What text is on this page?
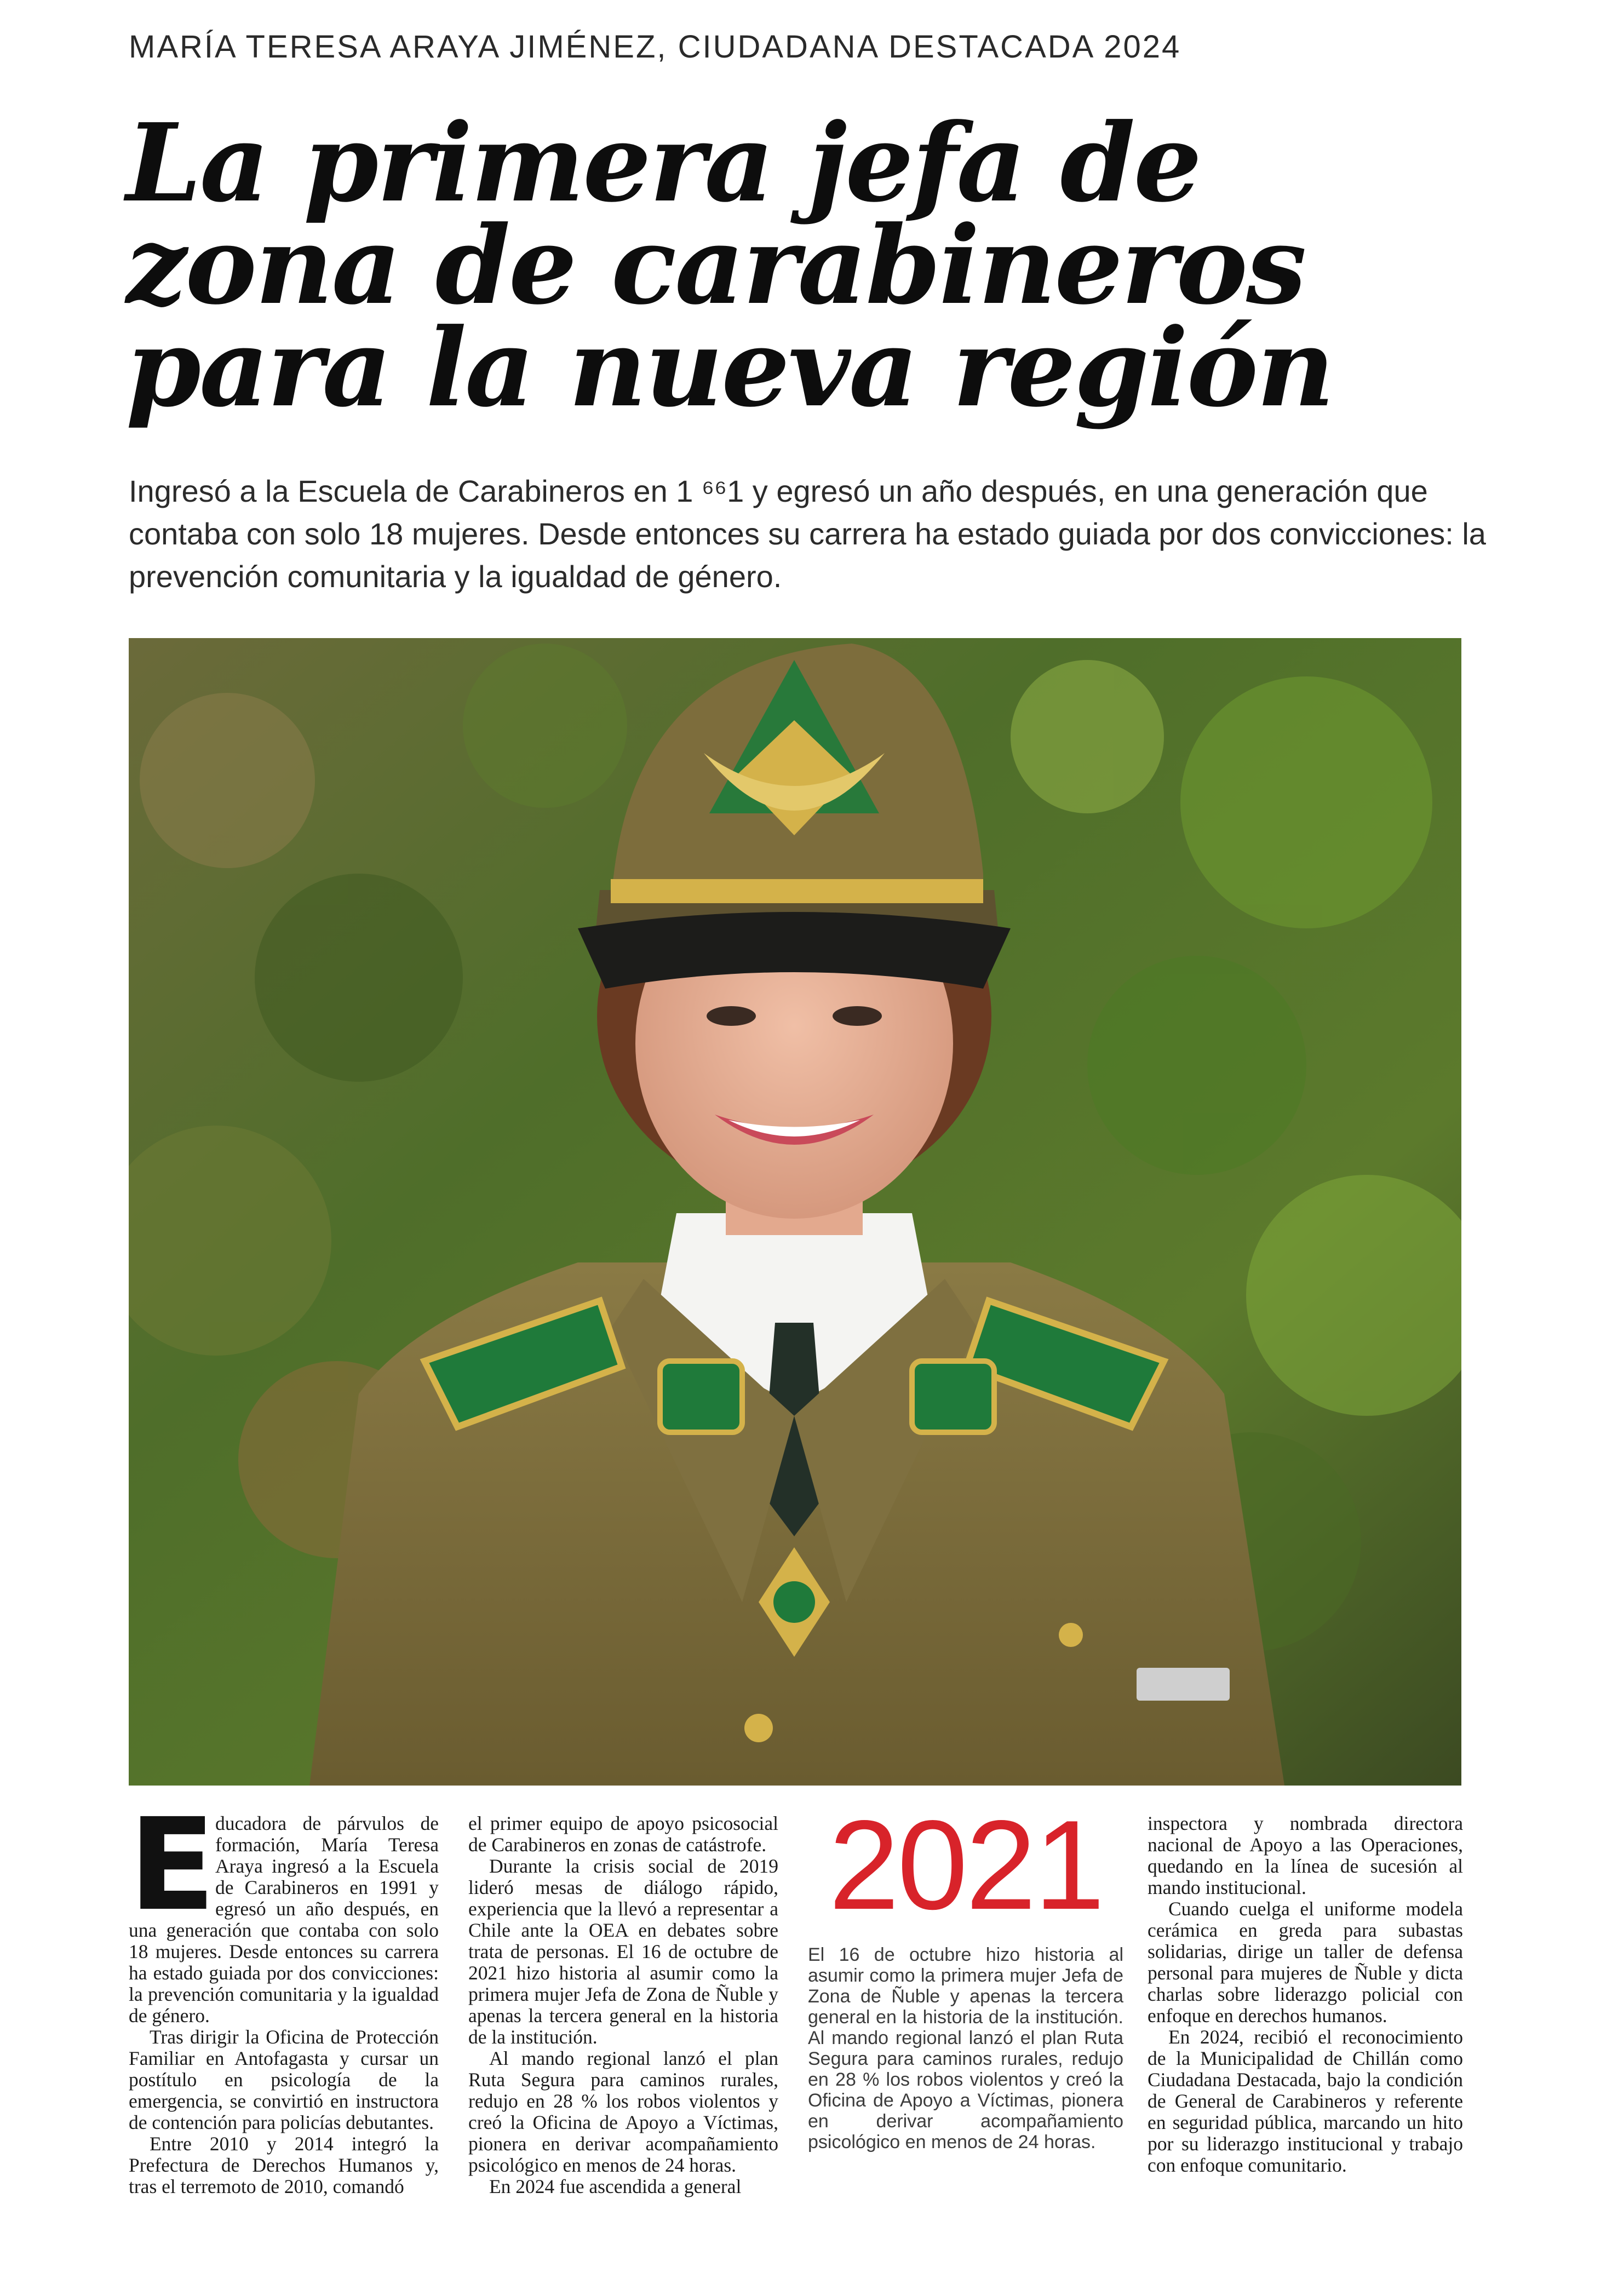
MARÍA TERESA ARAYA JIMÉNEZ, CIUDADANA DESTACADA 2024
La primera jefa de
zona de carabineros
para la nueva región

Ingresó a la Escuela de Carabineros en 1 ⁶⁶1 y egresó un año después, en una generación que

contaba con solo 18 mujeres. Desde entonces su carrera ha estado guiada por dos convicciones: la

prevención comunitaria y la igualdad de género.

Educadora de párvulos de formación, María Teresa Araya ingresó a la Escuela de Carabineros en 1991 y egresó un año después, en una generación que contaba con solo 18 mujeres. Desde entonces su carrera ha estado guiada por dos convicciones: la prevención comunitaria y la igualdad de género.

Tras dirigir la Oficina de Protección Familiar en Antofagasta y cursar un postítulo en psicología de la emergencia, se convirtió en instructora de contención para policías debutantes.

Entre 2010 y 2014 integró la Prefectura de Derechos Humanos y, tras el terremoto de 2010, comandó

el primer equipo de apoyo psicosocial de Carabineros en zonas de catástrofe.

Durante la crisis social de 2019 lideró mesas de diálogo rápido, experiencia que la llevó a representar a Chile ante la OEA en debates sobre trata de personas. El 16 de octubre de 2021 hizo historia al asumir como la primera mujer Jefa de Zona de Ñuble y apenas la tercera general en la historia de la institución.

Al mando regional lanzó el plan Ruta Segura para caminos rurales, redujo en 28 % los robos violentos y creó la Oficina de Apoyo a Víctimas, pionera en derivar acompañamiento psicológico en menos de 24 horas.

En 2024 fue ascendida a general

2021

El 16 de octubre hizo historia al asumir como la primera mujer Jefa de Zona de Ñuble y apenas la tercera general en la historia de la institución. Al mando regional lanzó el plan Ruta Segura para caminos rurales, redujo en 28 % los robos violentos y creó la Oficina de Apoyo a Víctimas, pionera en derivar acompañamiento psicológico en menos de 24 horas.

inspectora y nombrada directora nacional de Apoyo a las Operaciones, quedando en la línea de sucesión al mando institucional.

Cuando cuelga el uniforme modela cerámica en greda para subastas solidarias, dirige un taller de defensa personal para mujeres de Ñuble y dicta charlas sobre liderazgo policial con enfoque en derechos humanos.

En 2024, recibió el reconocimiento de la Municipalidad de Chillán como Ciudadana Destacada, bajo la condición de General de Carabineros y referente en seguridad pública, marcando un hito por su liderazgo institucional y trabajo con enfoque comunitario.
